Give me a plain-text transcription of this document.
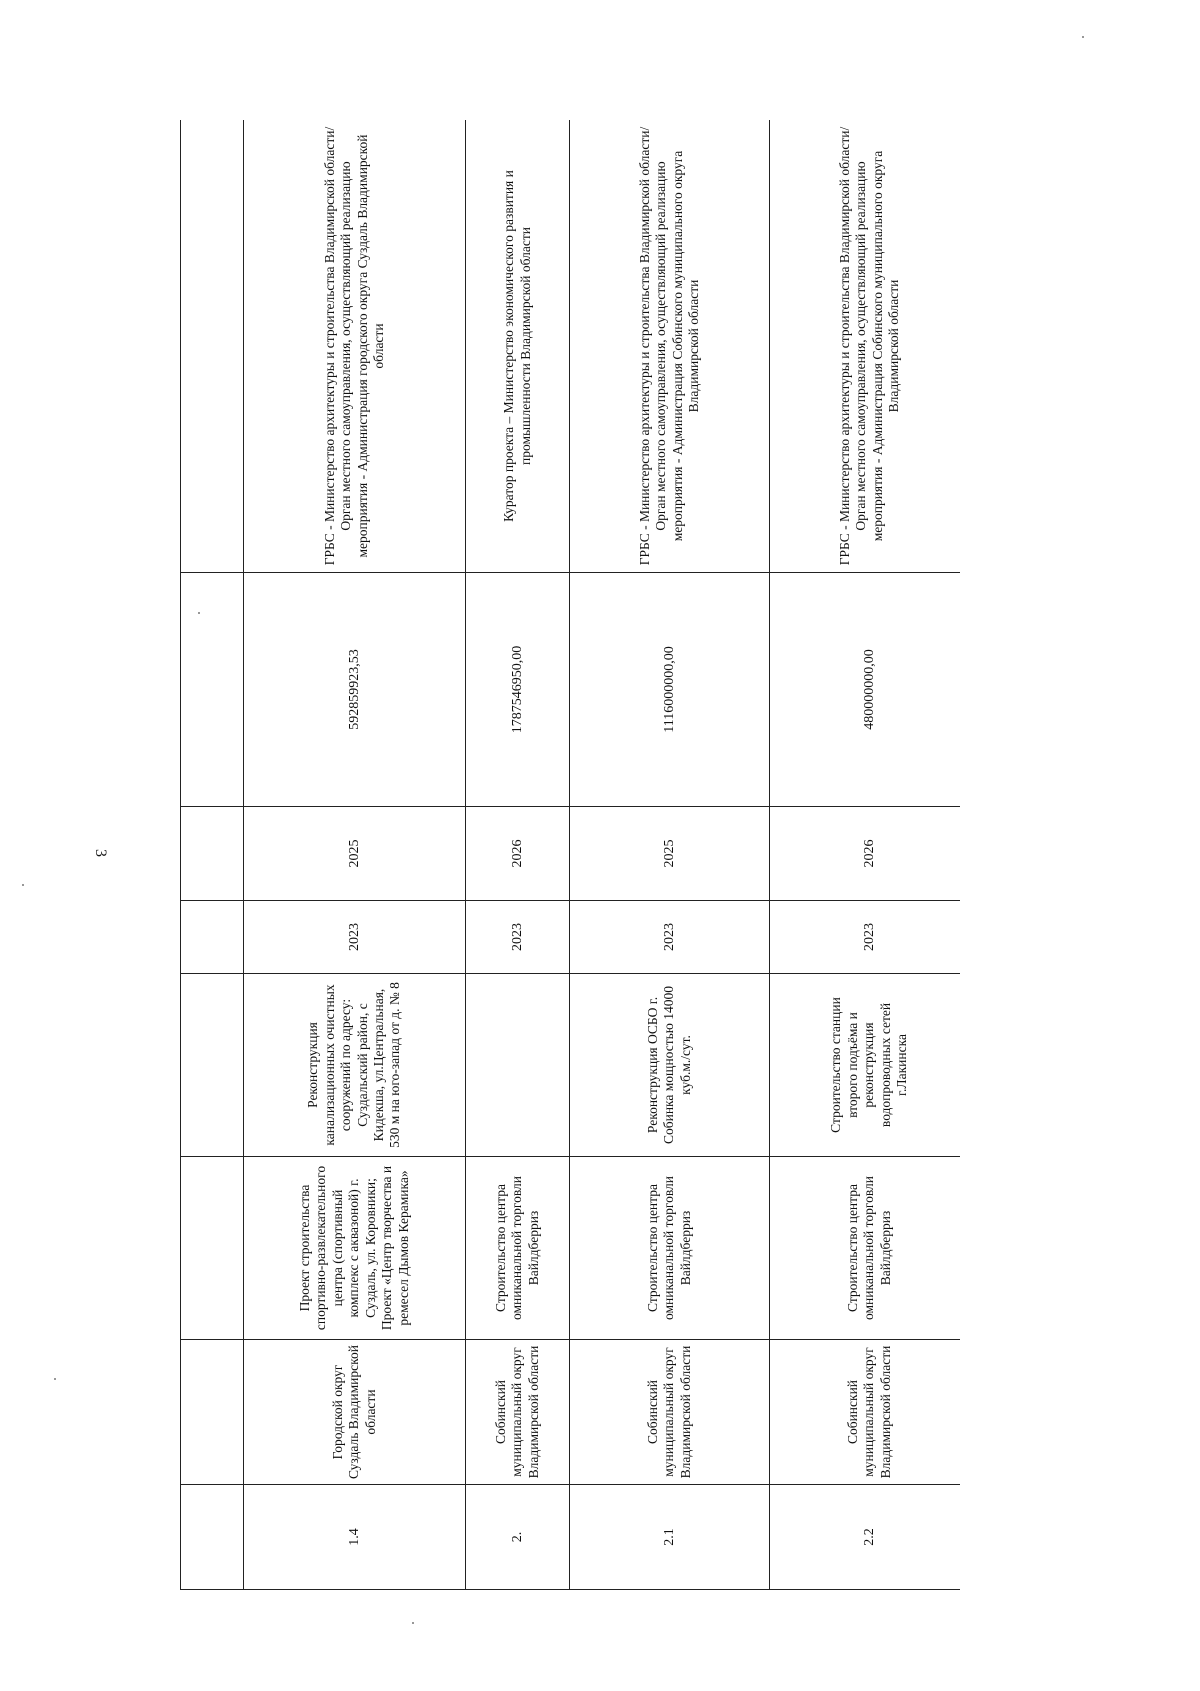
3

1.4	Городской округ Суздаль Владимирской области	Проект строительства спортивно-развлекательного центра (спортивный комплекс с аквазоной) г. Суздаль, ул. Коровники; Проект «Центр творчества и ремесел Дымов Керамика»	Реконструкция канализационных очистных сооружений по адресу: Суздальский район, с Кидекша, ул.Центральная, 530 м на юго-запад от д. № 8	2023	2025	592859923,53	ГРБС - Министерство архитектуры и строительства Владимирской области/ Орган местного самоуправления, осуществляющий реализацию мероприятия - Администрация городского округа Суздаль Владимирской области
2.	Собинский муниципальный округ Владимирской области	Строительство центра омниканальной торговли Вайлдберриз		2023	2026	1787546950,00	Куратор проекта – Министерство экономического развития и промышленности Владимирской области
2.1	Собинский муниципальный округ Владимирской области	Строительство центра омниканальной торговли Вайлдберриз	Реконструкция ОСБО г. Собинка мощностью 14000 куб.м./сут.	2023	2025	1116000000,00	ГРБС - Министерство архитектуры и строительства Владимирской области/ Орган местного самоуправления, осуществляющий реализацию мероприятия - Администрация Собинского муниципального округа Владимирской области
2.2	Собинский муниципальный округ Владимирской области	Строительство центра омниканальной торговли Вайлдберриз	Строительство станции второго подъёма и реконструкция водопроводных сетей г.Лакинска	2023	2026	480000000,00	ГРБС - Министерство архитектуры и строительства Владимирской области/ Орган местного самоуправления, осуществляющий реализацию мероприятия - Администрация Собинского муниципального округа Владимирской области
